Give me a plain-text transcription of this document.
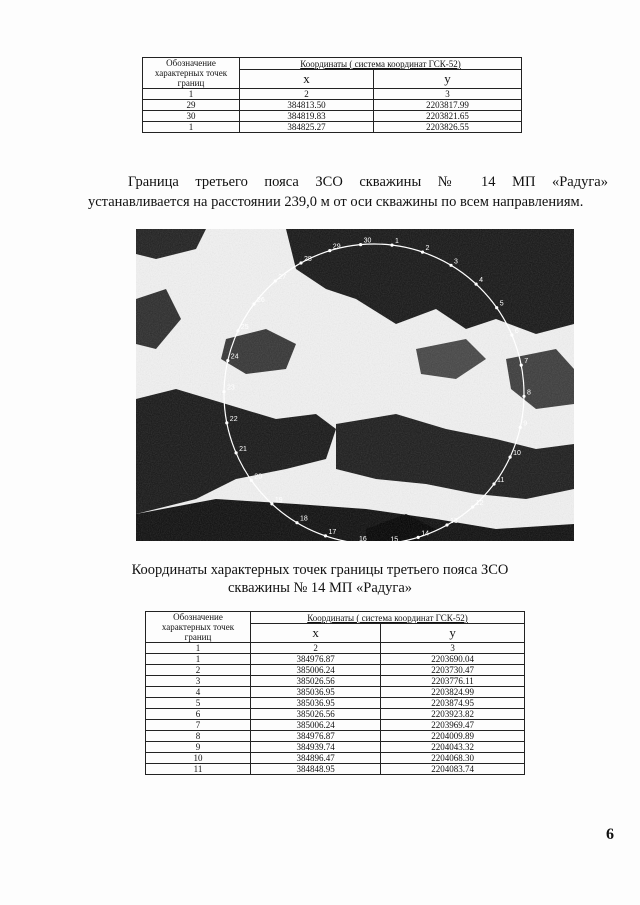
Обозначение
характерных точек
границ	Координаты ( система координат ГСК-52)	
	x	у
1	2	3
29	384813.50	2203817.99
30	384819.83	2203821.65
1	384825.27	2203826.55
Граница третьего пояса ЗСО скважины № 14 МП «Радуга»
устанавливается на расстоянии 239,0 м от оси скважины по всем направлениям.
1
2
3
4
5
6
7
8
9
10
11
12
13
14
15
16
17
18
19
20
21
22
23
24
25
26
27
28
29
30
Координаты характерных точек границы третьего пояса ЗСО
скважины № 14 МП «Радуга»
Обозначение
характерных точек
границ	Координаты ( система координат ГСК-52)	
	x	у
1	2	3
1	384976.87	2203690.04
2	385006.24	2203730.47
3	385026.56	2203776.11
4	385036.95	2203824.99
5	385036.95	2203874.95
6	385026.56	2203923.82
7	385006.24	2203969.47
8	384976.87	2204009.89
9	384939.74	2204043.32
10	384896.47	2204068.30
11	384848.95	2204083.74
6
